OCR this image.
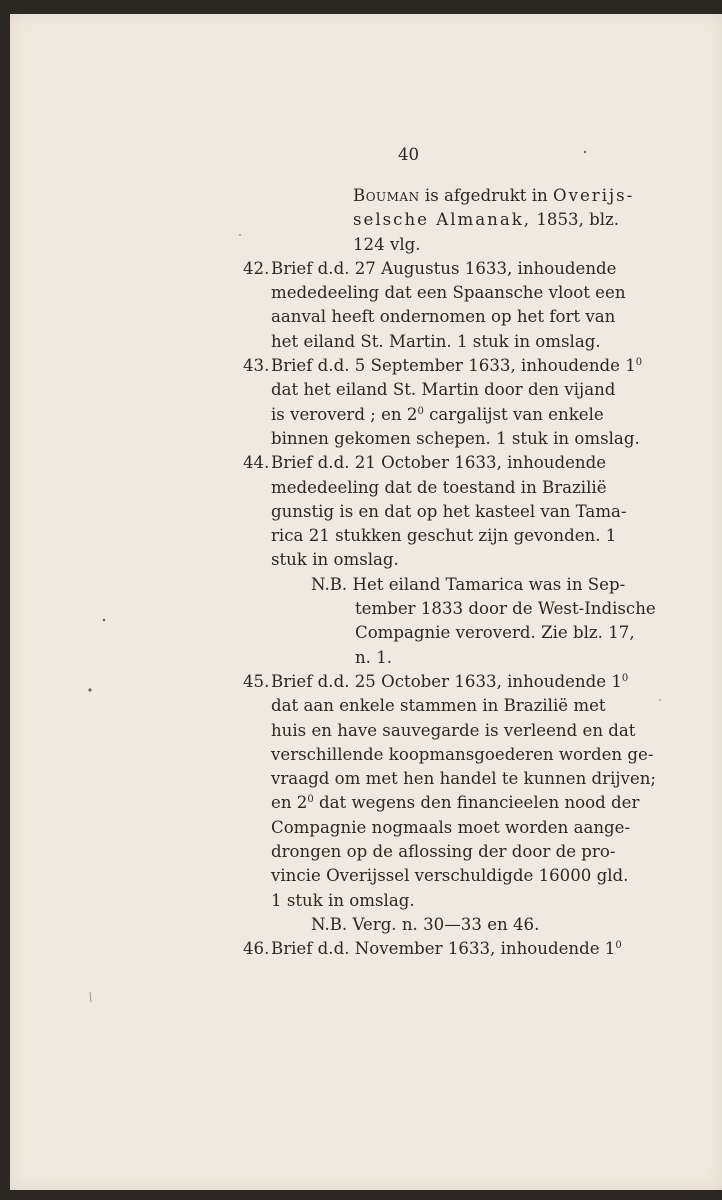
40
Bouman is afgedrukt in Overijs-
selsche Almanak, 1853, blz.
124 vlg.
42. Brief d.d. 27 Augustus 1633, inhoudende
mededeeling dat een Spaansche vloot een
aanval heeft ondernomen op het fort van
het eiland St. Martin. 1 stuk in omslag.
43. Brief d.d. 5 September 1633, inhoudende $1^0$
dat het eiland St. Martin door den vijand
is veroverd ; en $2^0$ cargalijst van enkele
binnen gekomen schepen. 1 stuk in omslag.
44. Brief d.d. 21 October 1633, inhoudende
mededeeling dat de toestand in Brazilië
gunstig is en dat op het kasteel van Tama-
rica 21 stukken geschut zijn gevonden. 1
stuk in omslag.
N.B. Het eiland Tamarica was in Sep-
tember 1833 door de West-Indische
Compagnie veroverd. Zie blz. 17,
n. 1.
45. Brief d.d. 25 October 1633, inhoudende $1^0$
dat aan enkele stammen in Brazilië met
huis en have sauvegarde is verleend en dat
verschillende koopmansgoederen worden ge-
vraagd om met hen handel te kunnen drijven;
en $2^0$ dat wegens den financieelen nood der
Compagnie nogmaals moet worden aange-
drongen op de aflossing der door de pro-
vincie Overijssel verschuldigde 16000 gld.
1 stuk in omslag.
N.B. Verg. n. 30—33 en 46.
46. Brief d.d. November 1633, inhoudende $1^0$
